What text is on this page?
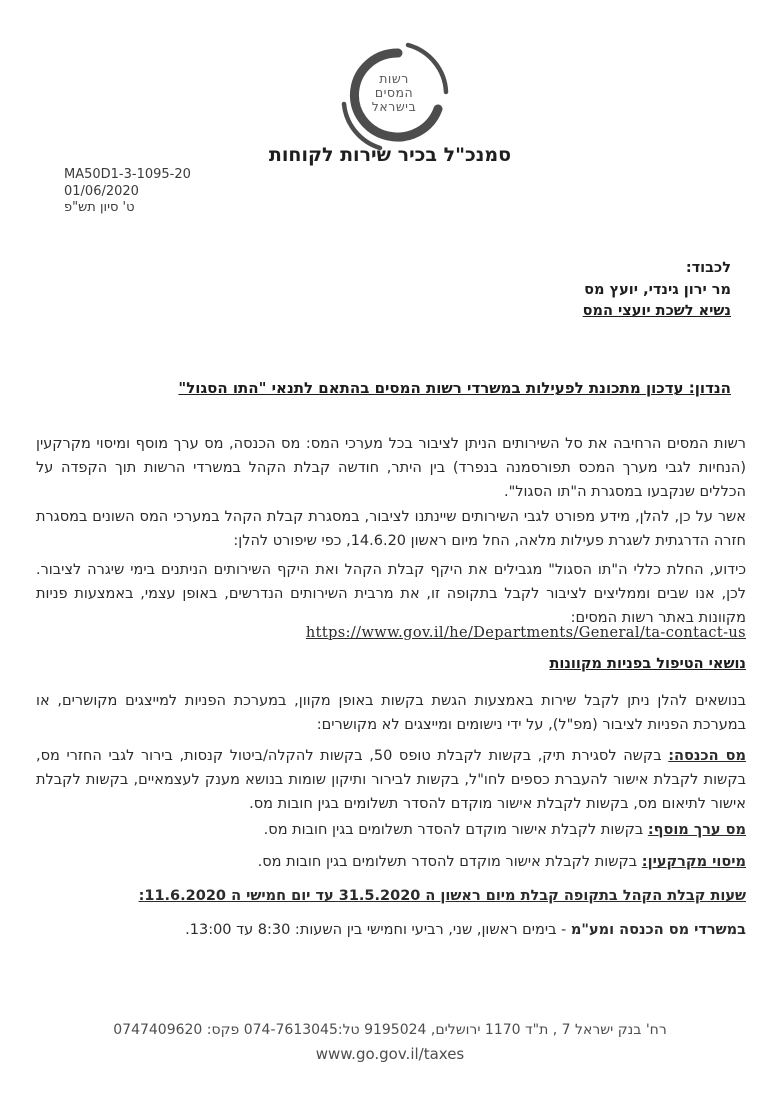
רשות
המסים
בישראל
סמנכ"ל בכיר שירות לקוחות
MA50D1-3-1095-20
01/06/2020
ט' סיון תש"פ
לכבוד:
מר ירון גינדי, יועץ מס
נשיא לשכת יועצי המס
הנדון: עדכון מתכונת לפעילות במשרדי רשות המסים בהתאם לתנאי "התו הסגול"

רשות המסים הרחיבה את סל השירותים הניתן לציבור בכל מערכי המס: מס הכנסה, מס ערך מוסף ומיסוי מקרקעין (הנחיות לגבי מערך המכס תפורסמנה בנפרד) בין היתר, חודשה קבלת הקהל במשרדי הרשות תוך הקפדה על הכללים שנקבעו במסגרת ה"תו הסגול".

אשר על כן, להלן, מידע מפורט לגבי השירותים שיינתנו לציבור, במסגרת קבלת הקהל במערכי המס השונים במסגרת חזרה הדרגתית לשגרת פעילות מלאה, החל מיום ראשון 14.6.20, כפי שיפורט להלן:

כידוע, החלת כללי ה"תו הסגול" מגבילים את היקף קבלת הקהל ואת היקף השירותים הניתנים בימי שיגרה לציבור. לכן, אנו שבים וממליצים לציבור לקבל בתקופה זו, את מרבית השירותים הנדרשים, באופן עצמי, באמצעות פניות מקוונות באתר רשות המסים:

https://www.gov.il/he/Departments/General/ta-contact-us
נושאי הטיפול בפניות מקוונות

בנושאים להלן ניתן לקבל שירות באמצעות הגשת בקשות באופן מקוון, במערכת הפניות למייצגים מקושרים, או במערכת הפניות לציבור (מפ"ל), על ידי נישומים ומייצגים לא מקושרים:

מס הכנסה: בקשה לסגירת תיק, בקשות לקבלת טופס 50, בקשות להקלה/ביטול קנסות, בירור לגבי החזרי מס, בקשות לקבלת אישור להעברת כספים לחו"ל, בקשות לבירור ותיקון שומות בנושא מענק לעצמאיים, בקשות לקבלת אישור לתיאום מס, בקשות לקבלת אישור מוקדם להסדר תשלומים בגין חובות מס.

מס ערך מוסף: בקשות לקבלת אישור מוקדם להסדר תשלומים בגין חובות מס.

מיסוי מקרקעין: בקשות לקבלת אישור מוקדם להסדר תשלומים בגין חובות מס.

שעות קבלת הקהל בתקופה קבלת מיום ראשון ה 31.5.2020 עד יום חמישי ה 11.6.2020:
במשרדי מס הכנסה ומע"מ - בימים ראשון, שני, רביעי וחמישי בין השעות: 8:30 עד 13:00.
רח' בנק ישראל 7 , ת"ד 1170 ירושלים, 9195024 טל:074-7613045 פקס: 0747409620
www.go.gov.il/taxes
